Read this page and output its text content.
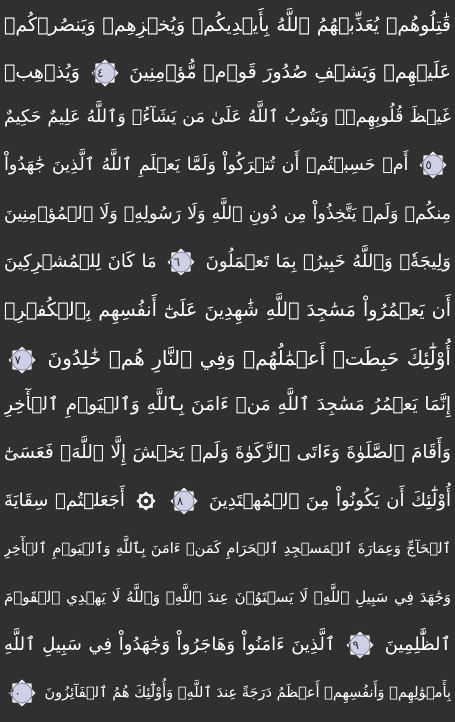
قَٰتِلُوهُمۡ يُعَذِّبۡهُمُ ٱللَّهُ بِأَيۡدِيكُمۡ وَيُخۡزِهِمۡ وَيَنصُرۡكُمۡ
عَلَيۡهِمۡ وَيَشۡفِ صُدُورَ قَوۡمٖ مُّؤۡمِنِينَ
١٤
وَيُذۡهِبۡ
غَيۡظَ قُلُوبِهِمۡۗ وَيَتُوبُ ٱللَّهُ عَلَىٰ مَن يَشَآءُۗ وَٱللَّهُ عَلِيمٌ حَكِيمٌ
١٥
أَمۡ حَسِبۡتُمۡ أَن تُتۡرَكُواْ وَلَمَّا يَعۡلَمِ ٱللَّهُ ٱلَّذِينَ جَٰهَدُواْ
مِنكُمۡ وَلَمۡ يَتَّخِذُواْ مِن دُونِ ٱللَّهِ وَلَا رَسُولِهِۦ وَلَا ٱلۡمُؤۡمِنِينَ
وَلِيجَةٗۚ وَٱللَّهُ خَبِيرُۢ بِمَا تَعۡمَلُونَ
١٦
مَا كَانَ لِلۡمُشۡرِكِينَ
أَن يَعۡمُرُواْ مَسَٰجِدَ ٱللَّهِ شَٰهِدِينَ عَلَىٰٓ أَنفُسِهِم بِٱلۡكُفۡرِۚ
أُوْلَٰٓئِكَ حَبِطَتۡ أَعۡمَٰلُهُمۡ وَفِي ٱلنَّارِ هُمۡ خَٰلِدُونَ
١٧
إِنَّمَا يَعۡمُرُ مَسَٰجِدَ ٱللَّهِ مَنۡ ءَامَنَ بِٱللَّهِ وَٱلۡيَوۡمِ ٱلۡأٓخِرِ
وَأَقَامَ ٱلصَّلَوٰةَ وَءَاتَى ٱلزَّكَوٰةَ وَلَمۡ يَخۡشَ إِلَّا ٱللَّهَۖ فَعَسَىٰٓ
أُوْلَٰٓئِكَ أَن يَكُونُواْ مِنَ ٱلۡمُهۡتَدِينَ
١٨
أَجَعَلۡتُمۡ سِقَايَةَ
ٱلۡحَآجِّ وَعِمَارَةَ ٱلۡمَسۡجِدِ ٱلۡحَرَامِ كَمَنۡ ءَامَنَ بِٱللَّهِ وَٱلۡيَوۡمِ ٱلۡأٓخِرِ
وَجَٰهَدَ فِي سَبِيلِ ٱللَّهِۚ لَا يَسۡتَوُۥنَ عِندَ ٱللَّهِۗ وَٱللَّهُ لَا يَهۡدِي ٱلۡقَوۡمَ
ٱلظَّٰلِمِينَ
١٩
ٱلَّذِينَ ءَامَنُواْ وَهَاجَرُواْ وَجَٰهَدُواْ فِي سَبِيلِ ٱللَّهِ
بِأَمۡوَٰلِهِمۡ وَأَنفُسِهِمۡ أَعۡظَمُ دَرَجَةً عِندَ ٱللَّهِۚ وَأُوْلَٰٓئِكَ هُمُ ٱلۡفَآئِزُونَ
٢٠
